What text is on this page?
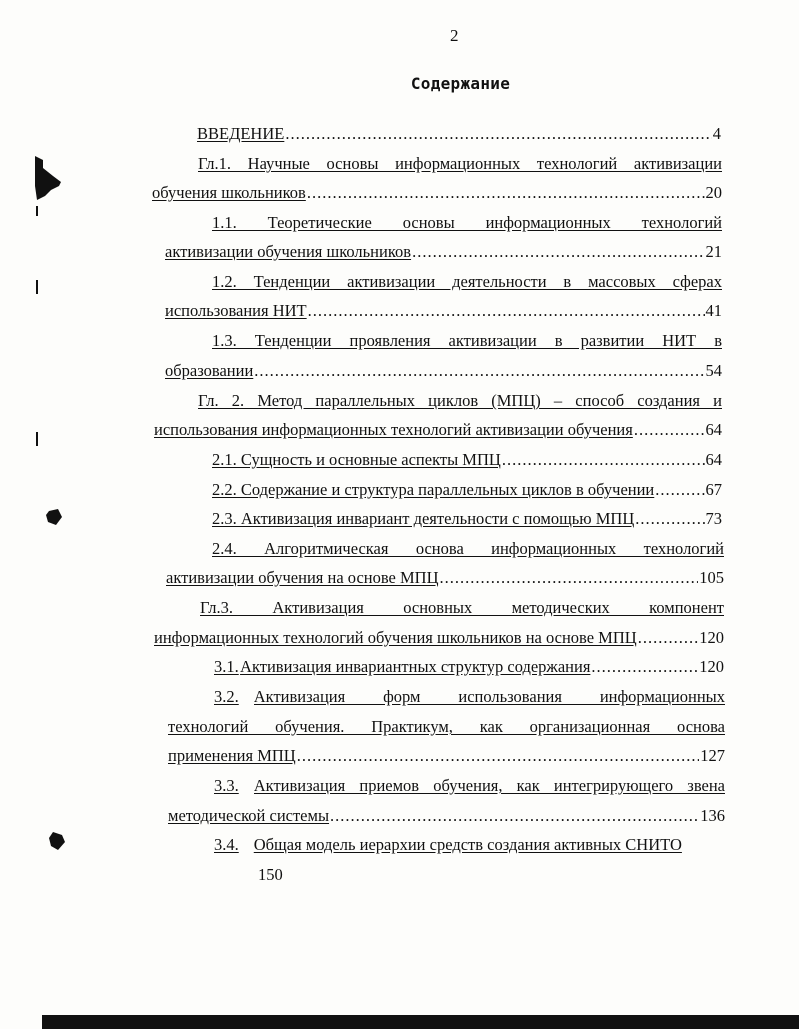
2
Содержание
ВВЕДЕНИЕ .....	4
Гл.1. Научные основы информационных технологий активизации
обучения школьников .....	20
1.1. Теоретические основы информационных технологий
активизации обучения школьников .....	21
1.2. Тенденции активизации деятельности в массовых сферах
использования НИТ .....	41
1.3. Тенденции проявления активизации в развитии НИТ в
образовании .....	54
Гл. 2. Метод параллельных циклов (МПЦ) – способ создания и
использования информационных технологий активизации обучения .....	64
2.1. Сущность и основные аспекты МПЦ .....	64
2.2. Содержание и структура параллельных циклов в обучении .....	67
2.3. Активизация инвариант деятельности с помощью МПЦ .....	73
2.4. Алгоритмическая основа информационных технологий
активизации обучения на основе МПЦ .....	105
Гл.3. Активизация основных методических компонент
информационных технологий обучения школьников на основе МПЦ .....	120
3.1. Активизация инвариантных структур содержания .....	120
3.2. Активизация форм использования информационных
технологий обучения. Практикум, как организационная основа
применения МПЦ .....	127
3.3. Активизация приемов обучения, как интегрирующего звена
методической системы .....	136
3.4. Общая модель иерархии средств создания активных СНИТО
150
